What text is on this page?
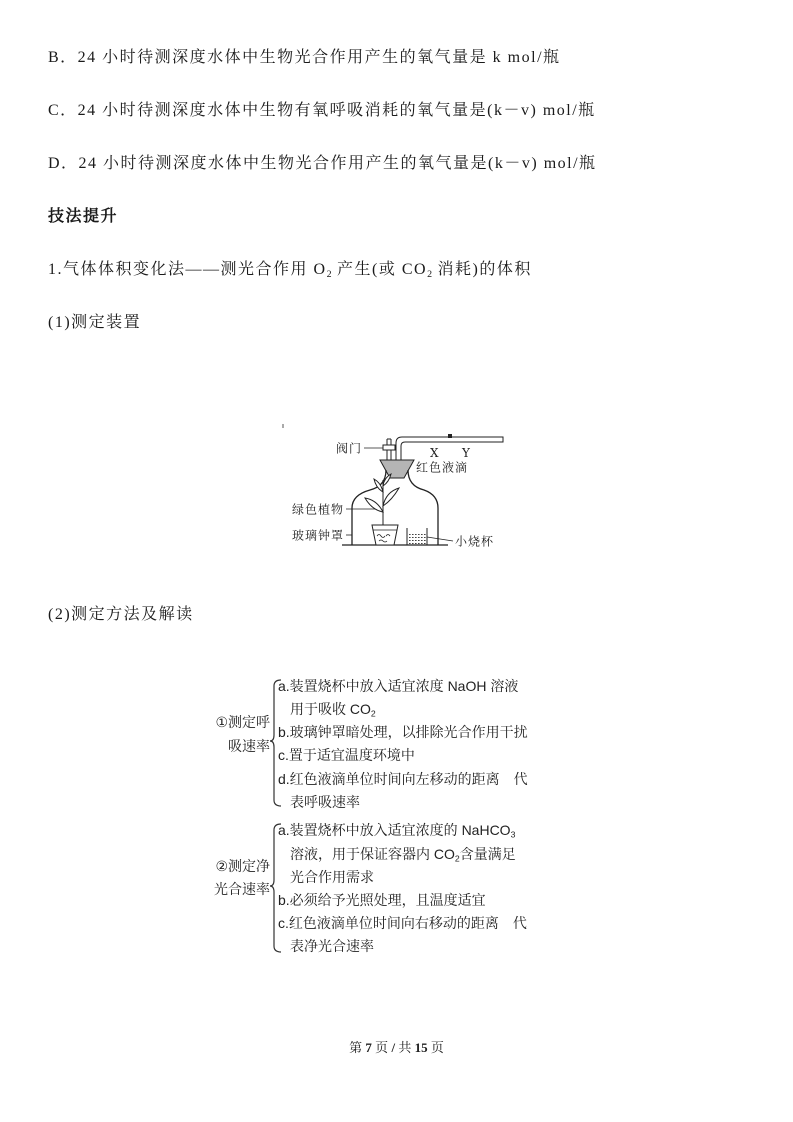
B．24 小时待测深度水体中生物光合作用产生的氧气量是 k mol/瓶
C．24 小时待测深度水体中生物有氧呼吸消耗的氧气量是(k－v) mol/瓶
D．24 小时待测深度水体中生物光合作用产生的氧气量是(k－v) mol/瓶
技法提升
1.气体体积变化法——测光合作用 $O_2$ 产生(或 $CO_2$ 消耗)的体积
(1)测定装置
阀门	X Y
红色液滴
绿色植物
玻璃钟罩	小烧杯
(2)测定方法及解读
①测定呼
吸速率
a.装置烧杯中放入适宜浓度 NaOH 溶液
用于吸收 $CO_2$
b.玻璃钟罩暗处理，以排除光合作用干扰
c.置于适宜温度环境中
d.红色液滴单位时间向左移动的距离　代
表呼吸速率
②测定净
光合速率
a.装置烧杯中放入适宜浓度的 NaHCO$_3$
溶液，用于保证容器内 $CO_2$含量满足
光合作用需求
b.必须给予光照处理，且温度适宜
c.红色液滴单位时间向右移动的距离　代
表净光合速率
第 7 页 / 共 15 页
